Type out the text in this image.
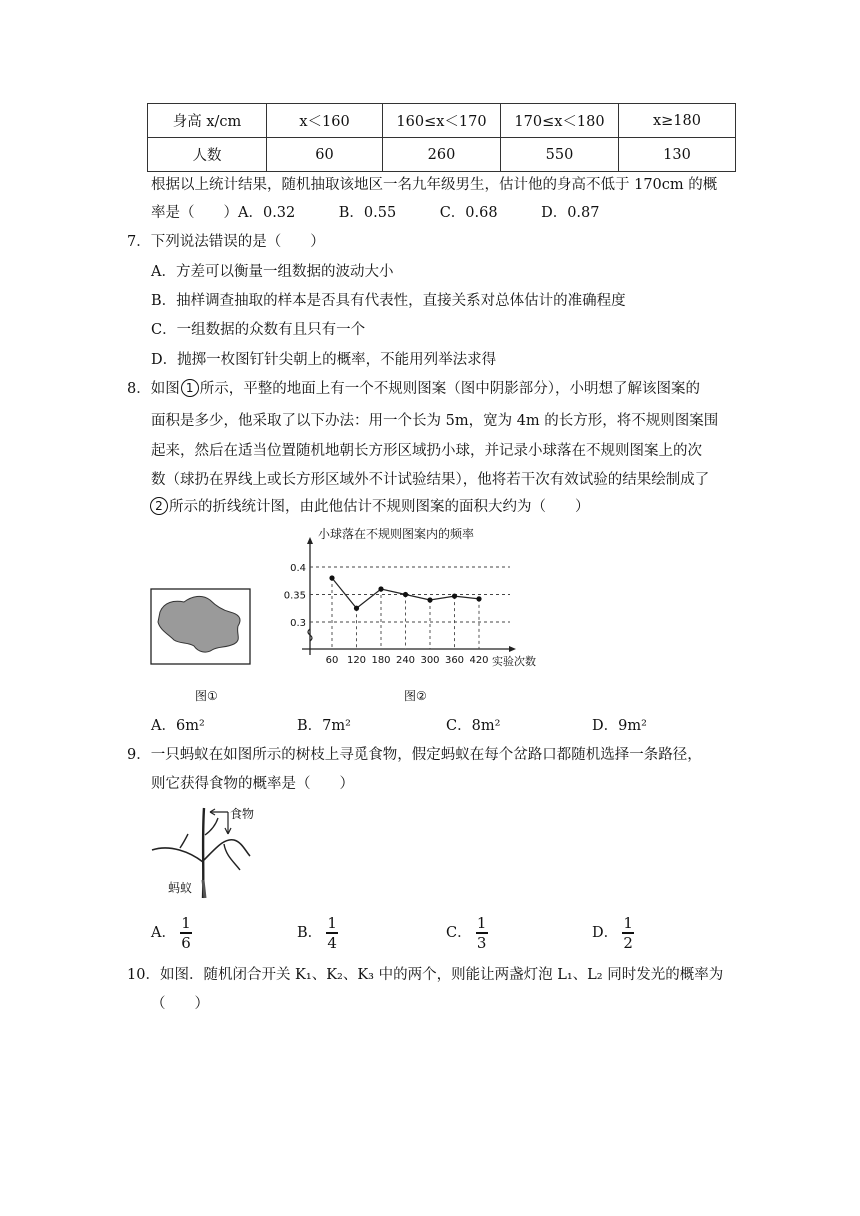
身高 x/cm	x＜160	160≤x＜170	170≤x＜180	x≥180
人数	60	260	550	130
根据以上统计结果，随机抽取该地区一名九年级男生，估计他的身高不低于 170cm 的概
率是（　　）A．0.32　　　B．0.55　　　C．0.68　　　D．0.87
7．下列说法错误的是（　　）
A．方差可以衡量一组数据的波动大小
B．抽样调查抽取的样本是否具有代表性，直接关系对总体估计的准确程度
C．一组数据的众数有且只有一个
D．抛掷一枚图钉针尖朝上的概率，不能用列举法求得
8．如图 1 所示，平整的地面上有一个不规则图案（图中阴影部分），小明想了解该图案的
面积是多少，他采取了以下办法：用一个长为 5m，宽为 4m 的长方形，将不规则图案围
起来，然后在适当位置随机地朝长方形区域扔小球，并记录小球落在不规则图案上的次
数（球扔在界线上或长方形区域外不计试验结果），他将若干次有效试验的结果绘制成了
2 所示的折线统计图，由此他估计不规则图案的面积大约为（　　）
图①
小球落在不规则图案内的频率
0.3
0.35
0.4
60 120 180 240 300 360 420 实验次数
图②
A．6m²	B．7m²	C．8m²	D．9m²
9．一只蚂蚁在如图所示的树枝上寻觅食物，假定蚂蚁在每个岔路口都随机选择一条路径，
则它获得食物的概率是（　　）
食物
蚂蚁
A． $\frac{1}{6}$	B． $\frac{1}{4}$	C． $\frac{1}{3}$	D． $\frac{1}{2}$
10．如图．随机闭合开关 K₁、K₂、K₃ 中的两个，则能让两盏灯泡 L₁、L₂ 同时发光的概率为
（　　）
